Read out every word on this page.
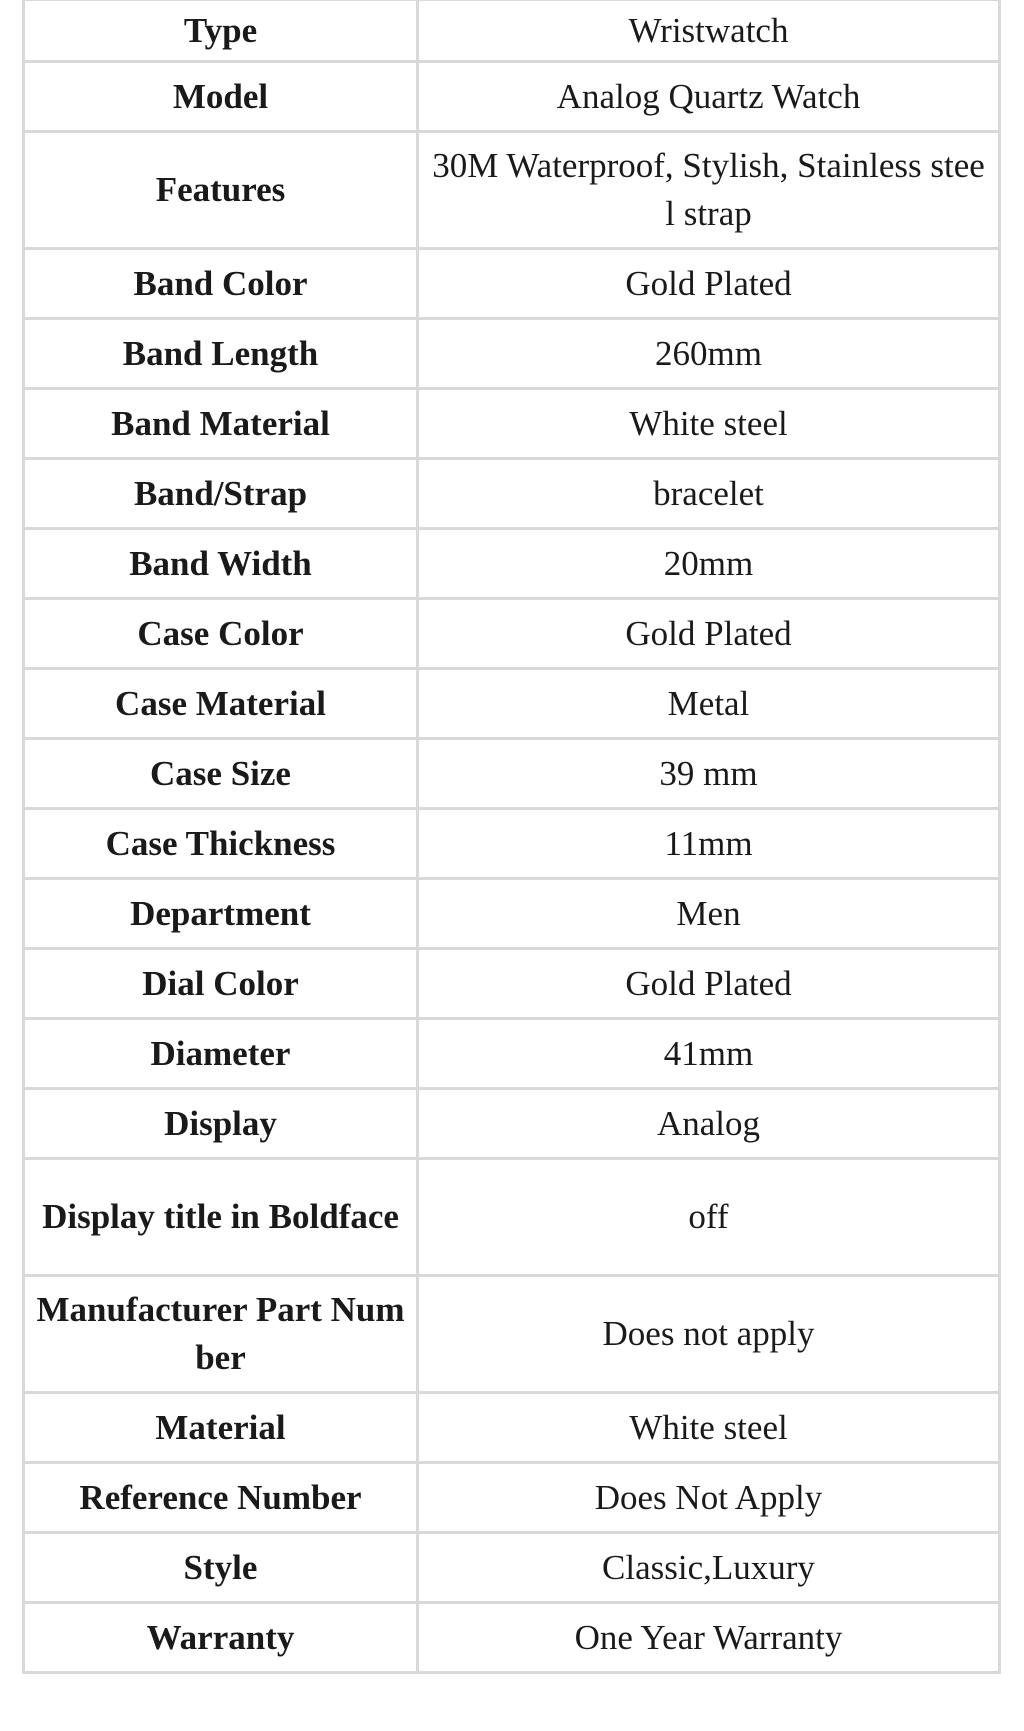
Type	Wristwatch
Model	Analog Quartz Watch
Features	30M Waterproof, Stylish, Stainless steel strap
Band Color	Gold Plated
Band Length	260mm
Band Material	White steel
Band/Strap	bracelet
Band Width	20mm
Case Color	Gold Plated
Case Material	Metal
Case Size	39 mm
Case Thickness	11mm
Department	Men
Dial Color	Gold Plated
Diameter	41mm
Display	Analog
Display title in Boldface	off
Manufacturer Part Number	Does not apply
Material	White steel
Reference Number	Does Not Apply
Style	Classic,Luxury
Warranty	One Year Warranty
